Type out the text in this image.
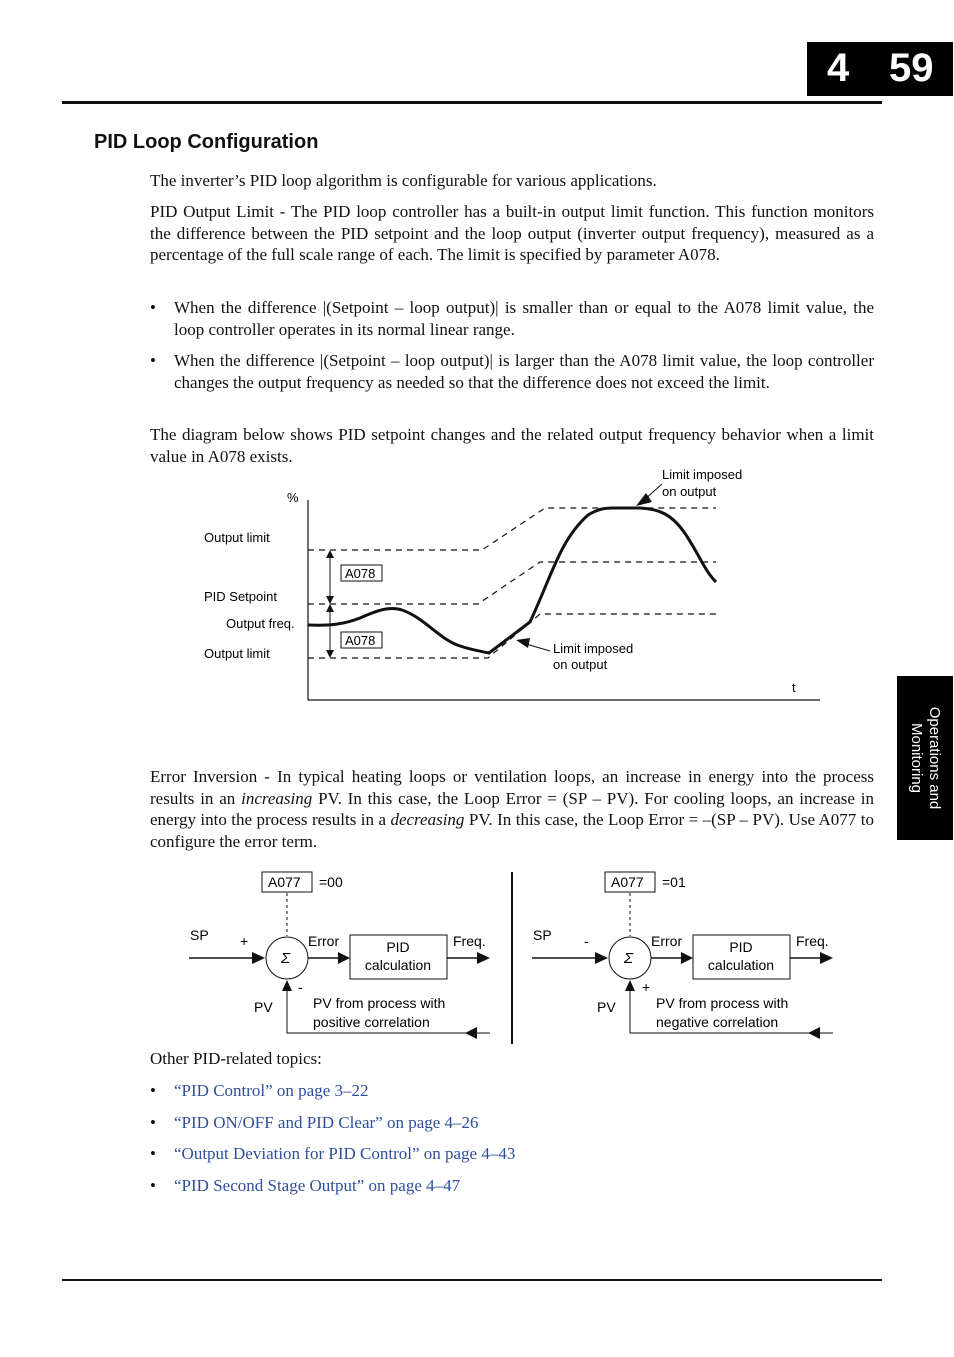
4 59
PID Loop Configuration

The inverter’s PID loop algorithm is configurable for various applications.

PID Output Limit - The PID loop controller has a built-in output limit function. This function monitors the difference between the PID setpoint and the loop output (inverter output frequency), measured as a percentage of the full scale range of each. The limit is specified by parameter A078.

• When the difference |(Setpoint – loop output)| is smaller than or equal to the A078 limit value, the loop controller operates in its normal linear range.
• When the difference |(Setpoint – loop output)| is larger than the A078 limit value, the loop controller changes the output frequency as needed so that the difference does not exceed the limit.

The diagram below shows PID setpoint changes and the related output frequency behavior when a limit value in A078 exists.

%
t
A078
A078
Output limit
PID Setpoint
Output freq.
Output limit
Limit imposed
on output
Limit imposed
on output

Error Inversion - In typical heating loops or ventilation loops, an increase in energy into the process results in an increasing PV. In this case, the Loop Error = (SP – PV). For cooling loops, an increase in energy into the process results in a decreasing PV. In this case, the Loop Error = –(SP – PV). Use A077 to configure the error term.

A077 =00
SP +
Σ
Error	PID
calculation
Freq.
-
PV	PV from process with
positive correlation
A077 =01
SP -
Σ
Error	PID
calculation
Freq.
+
PV	PV from process with
negative correlation
Other PID-related topics:
• “PID Control” on page 3–22
• “PID ON/OFF and PID Clear” on page 4–26
• “Output Deviation for PID Control” on page 4–43
• “PID Second Stage Output” on page 4–47
Operations and
Monitoring
